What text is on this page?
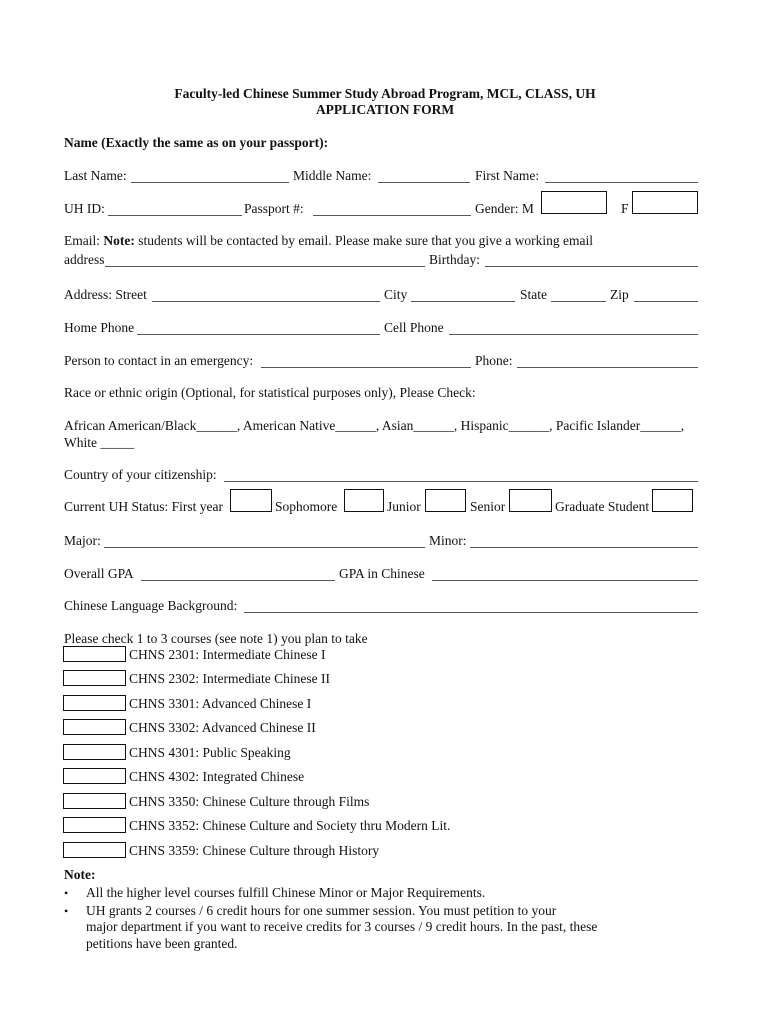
Faculty-led Chinese Summer Study Abroad Program, MCL, CLASS, UH
APPLICATION FORM
Name (Exactly the same as on your passport):
Last Name:	Middle Name:	First Name:
UH ID:	Passport #:	Gender: M	F
Email: Note: students will be contacted by email. Please make sure that you give a working email
address	Birthday:
Address: Street	City	State	Zip
Home Phone	Cell Phone
Person to contact in an emergency:	Phone:
Race or ethnic origin (Optional, for statistical purposes only), Please Check:
African American/Black______, American Native______, Asian______, Hispanic______, Pacific Islander______,
White _____
Country of your citizenship:
Current UH Status: First year	Sophomore	Junior	Senior	Graduate Student
Major:	Minor:
Overall GPA	GPA in Chinese
Chinese Language Background:
Please check 1 to 3 courses (see note 1) you plan to take
CHNS 2301: Intermediate Chinese I
CHNS 2302: Intermediate Chinese II
CHNS 3301: Advanced Chinese I
CHNS 3302: Advanced Chinese II
CHNS 4301: Public Speaking
CHNS 4302: Integrated Chinese
CHNS 3350: Chinese Culture through Films
CHNS 3352: Chinese Culture and Society thru Modern Lit.
CHNS 3359: Chinese Culture through History
Note:
• All the higher level courses fulfill Chinese Minor or Major Requirements.
• UH grants 2 courses / 6 credit hours for one summer session. You must petition to your
major department if you want to receive credits for 3 courses / 9 credit hours. In the past, these
petitions have been granted.
